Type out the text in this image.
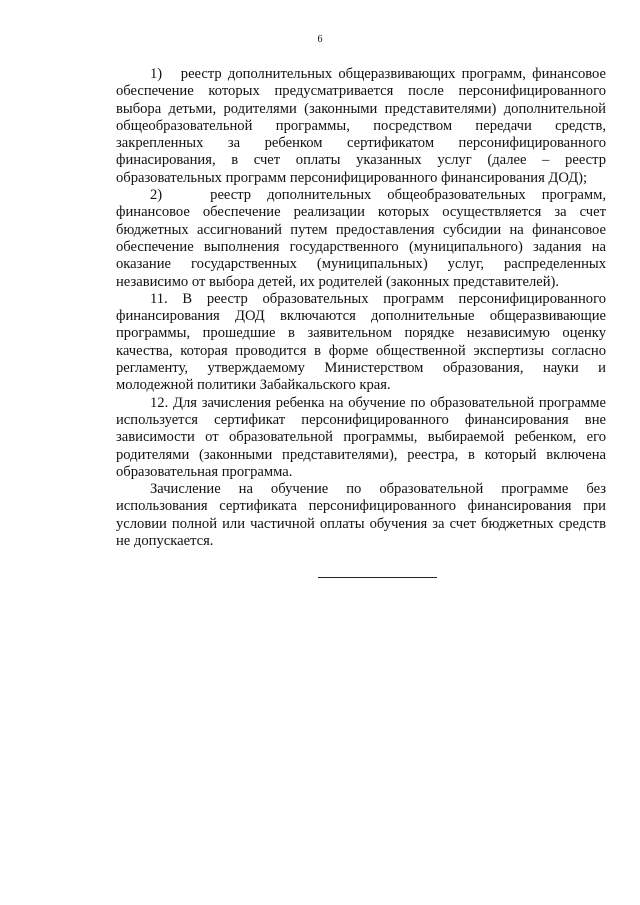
6

1) реестр дополнительных общеразвивающих программ, финансовое обеспечение которых предусматривается после персонифицированного выбора детьми, родителями (законными представителями) дополнительной общеобразовательной программы, посредством передачи средств, закрепленных за ребенком сертификатом персонифицированного финасирования, в счет оплаты указанных услуг (далее – реестр образовательных программ персонифицированного финансирования ДОД);

2)	реестр дополнительных общеобразовательных программ, финансовое обеспечение реализации которых осуществляется за счет бюджетных ассигнований путем предоставления субсидии на финансовое обеспечение выполнения государственного (муниципального) задания на оказание государственных (муниципальных) услуг, распределенных независимо от выбора детей, их родителей (законных представителей).

11. В реестр образовательных программ персонифицированного финансирования ДОД включаются дополнительные общеразвивающие программы, прошедшие в заявительном порядке независимую оценку качества, которая проводится в форме общественной экспертизы согласно регламенту, утверждаемому Министерством образования, науки и молодежной политики Забайкальского края.

12. Для зачисления ребенка на обучение по образовательной программе используется сертификат персонифицированного финансирования вне зависимости от образовательной программы, выбираемой ребенком, его родителями (законными представителями), реестра, в который включена образовательная программа.

Зачисление на обучение по образовательной программе без использования сертификата персонифицированного финансирования при условии полной или частичной оплаты обучения за счет бюджетных средств не допускается.
